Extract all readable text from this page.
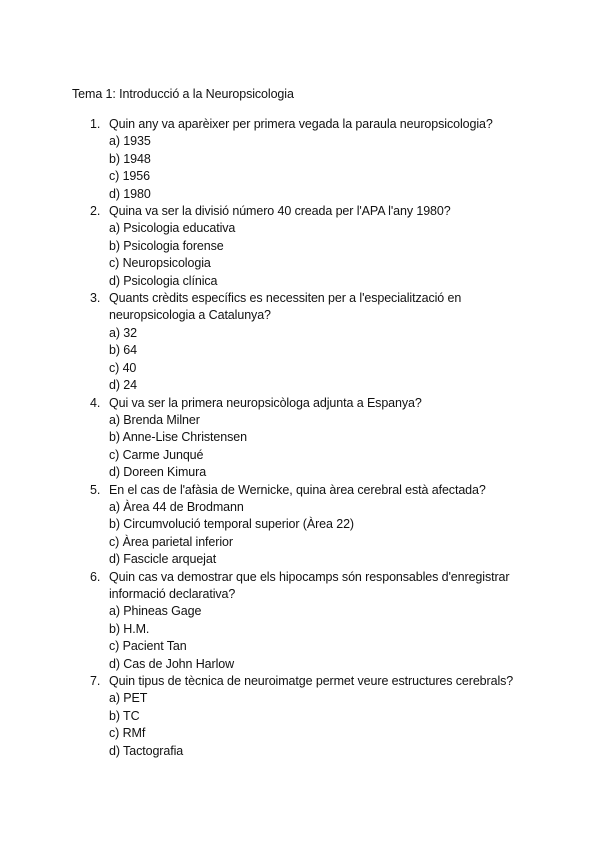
Tema 1: Introducció a la Neuropsicologia
1. Quin any va aparèixer per primera vegada la paraula neuropsicologia?
a) 1935
b) 1948
c) 1956
d) 1980
2. Quina va ser la divisió número 40 creada per l'APA l'any 1980?
a) Psicologia educativa
b) Psicologia forense
c) Neuropsicologia
d) Psicologia clínica
3. Quants crèdits específics es necessiten per a l'especialització en neuropsicologia a Catalunya?
a) 32
b) 64
c) 40
d) 24
4. Qui va ser la primera neuropsicòloga adjunta a Espanya?
a) Brenda Milner
b) Anne-Lise Christensen
c) Carme Junqué
d) Doreen Kimura
5. En el cas de l'afàsia de Wernicke, quina àrea cerebral està afectada?
a) Àrea 44 de Brodmann
b) Circumvolució temporal superior (Àrea 22)
c) Àrea parietal inferior
d) Fascicle arquejat
6. Quin cas va demostrar que els hipocamps són responsables d'enregistrar informació declarativa?
a) Phineas Gage
b) H.M.
c) Pacient Tan
d) Cas de John Harlow
7. Quin tipus de tècnica de neuroimatge permet veure estructures cerebrals?
a) PET
b) TC
c) RMf
d) Tactografia
